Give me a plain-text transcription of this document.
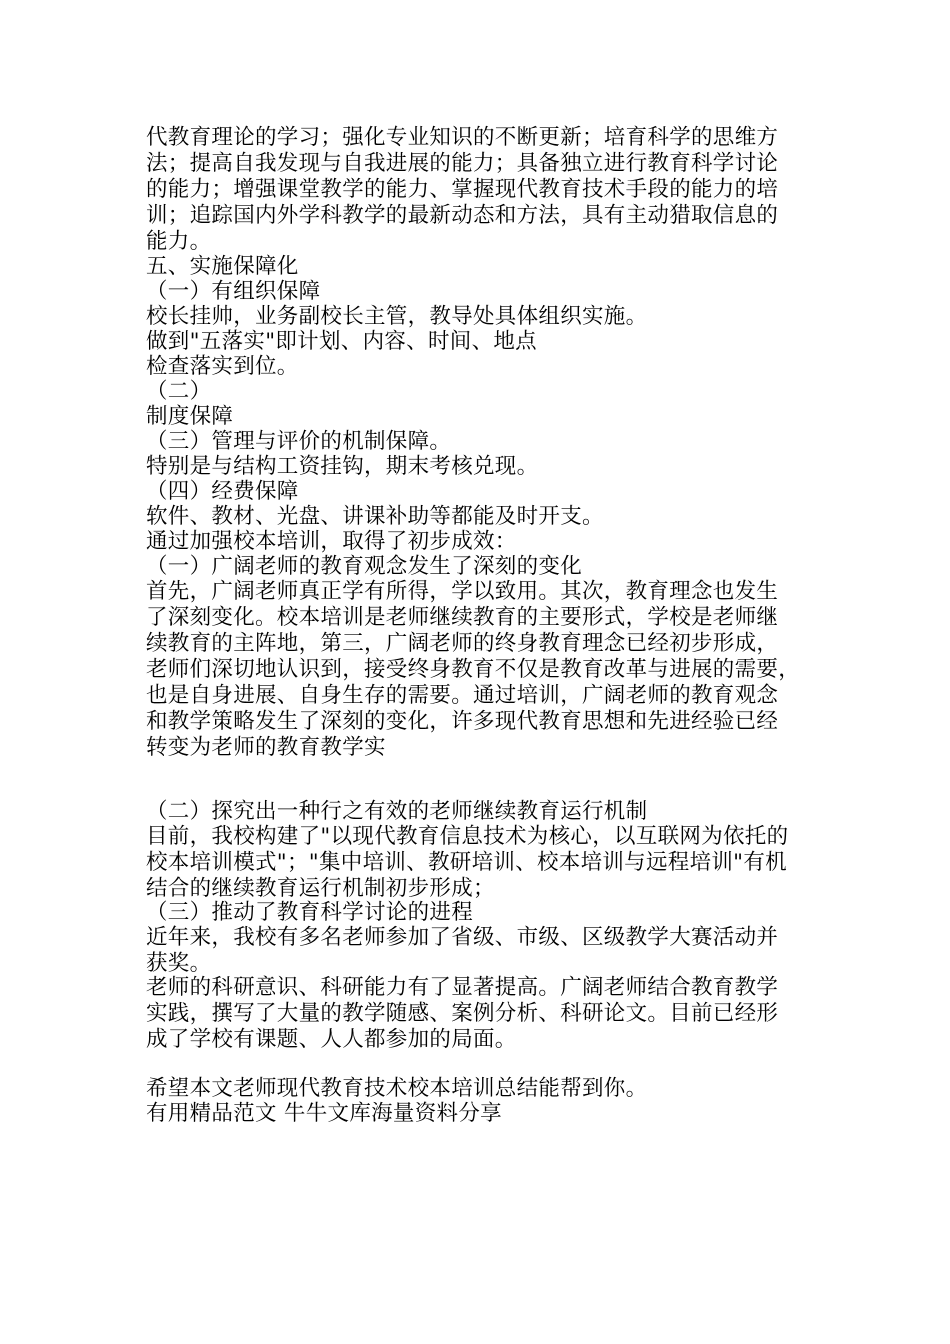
代教育理论的学习；强化专业知识的不断更新；培育科学的思维方
法；提高自我发现与自我进展的能力；具备独立进行教育科学讨论
的能力；增强课堂教学的能力、掌握现代教育技术手段的能力的培
训；追踪国内外学科教学的最新动态和方法，具有主动猎取信息的
能力。
五、实施保障化
（一）有组织保障
校长挂帅，业务副校长主管，教导处具体组织实施。
做到"五落实"即计划、内容、时间、地点
检查落实到位。
（二）
制度保障
（三）管理与评价的机制保障。
特别是与结构工资挂钩，期末考核兑现。
（四）经费保障
软件、教材、光盘、讲课补助等都能及时开支。
通过加强校本培训，取得了初步成效：
（一）广阔老师的教育观念发生了深刻的变化
首先，广阔老师真正学有所得，学以致用。其次，教育理念也发生
了深刻变化。校本培训是老师继续教育的主要形式，学校是老师继
续教育的主阵地，第三，广阔老师的终身教育理念已经初步形成，
老师们深切地认识到，接受终身教育不仅是教育改革与进展的需要，
也是自身进展、自身生存的需要。通过培训，广阔老师的教育观念
和教学策略发生了深刻的变化，许多现代教育思想和先进经验已经
转变为老师的教育教学实
（二）探究出一种行之有效的老师继续教育运行机制
目前，我校构建了"以现代教育信息技术为核心，以互联网为依托的
校本培训模式"；"集中培训、教研培训、校本培训与远程培训"有机
结合的继续教育运行机制初步形成；
（三）推动了教育科学讨论的进程
近年来，我校有多名老师参加了省级、市级、区级教学大赛活动并
获奖。
老师的科研意识、科研能力有了显著提高。广阔老师结合教育教学
实践，撰写了大量的教学随感、案例分析、科研论文。目前已经形
成了学校有课题、人人都参加的局面。
希望本文老师现代教育技术校本培训总结能帮到你。
有用精品范文 牛牛文库海量资料分享
